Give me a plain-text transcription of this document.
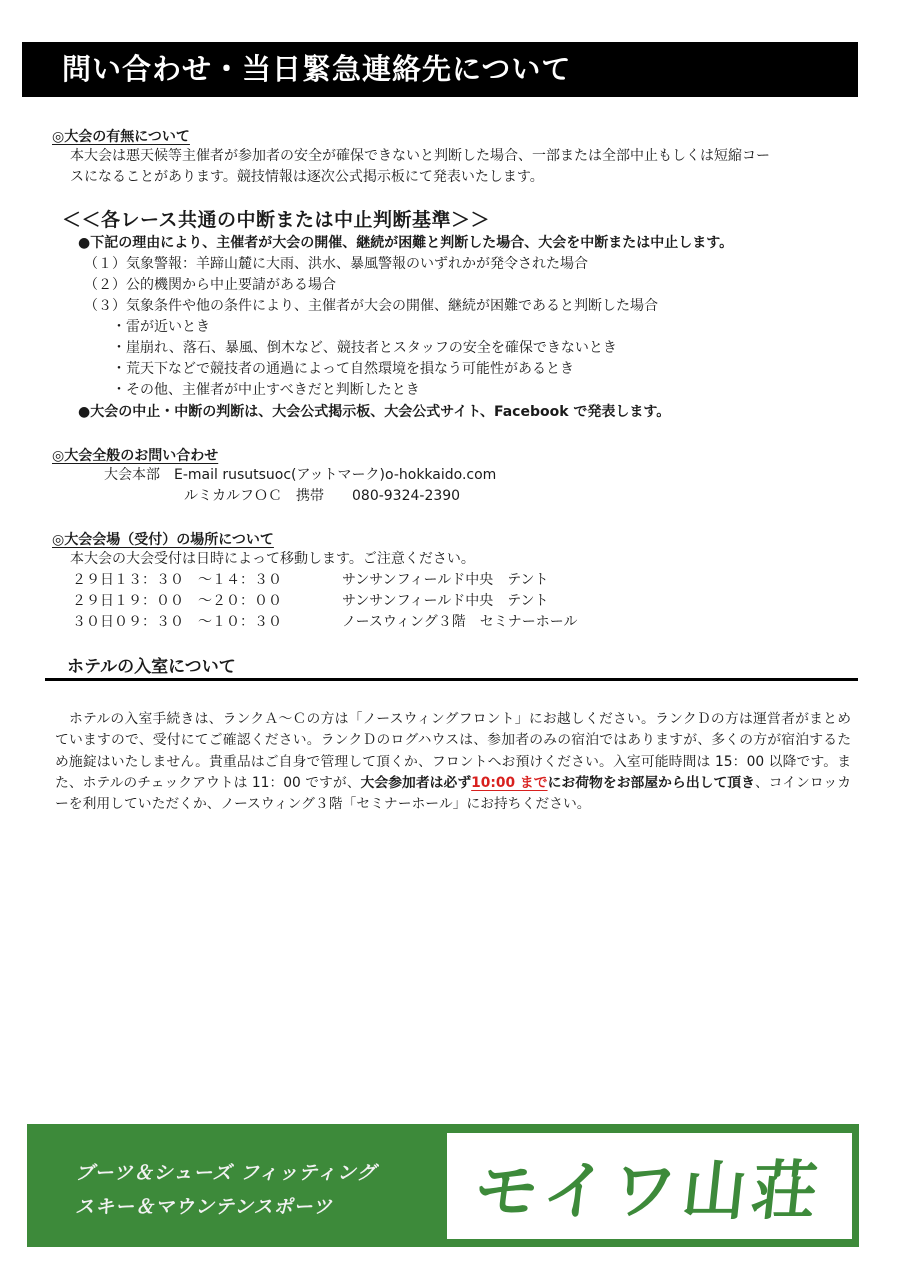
問い合わせ・当日緊急連絡先について
◎大会の有無について
本大会は悪天候等主催者が参加者の安全が確保できないと判断した場合、一部または全部中止もしくは短縮コー
スになることがあります。競技情報は逐次公式掲示板にて発表いたします。
＜＜各レース共通の中断または中止判断基準＞＞
●下記の理由により、主催者が大会の開催、継続が困難と判断した場合、大会を中断または中止します。
（１）気象警報：羊蹄山麓に大雨、洪水、暴風警報のいずれかが発令された場合
（２）公的機関から中止要請がある場合
（３）気象条件や他の条件により、主催者が大会の開催、継続が困難であると判断した場合
・雷が近いとき
・崖崩れ、落石、暴風、倒木など、競技者とスタッフの安全を確保できないとき
・荒天下などで競技者の通過によって自然環境を損なう可能性があるとき
・その他、主催者が中止すべきだと判断したとき
●大会の中止・中断の判断は、大会公式掲示板、大会公式サイト、Facebook で発表します。
◎大会全般のお問い合わせ
大会本部　E-mail rusutsuoc(アットマーク)o-hokkaido.com
ルミカルフＯＣ　携帯　　080-9324-2390
◎大会会場（受付）の場所について
本大会の大会受付は日時によって移動します。ご注意ください。
２９日１３：３０　～１４：３０	サンサンフィールド中央　テント
２９日１９：００　～２０：００	サンサンフィールド中央　テント
３０日０９：３０　～１０：３０	ノースウィング３階　セミナーホール
ホテルの入室について
ホテルの入室手続きは、ランクＡ～Ｃの方は「ノースウィングフロント」にお越しください。ランクＤの方は運営者がまとめていますので、受付にてご確認ください。ランクＤのログハウスは、参加者のみの宿泊ではありますが、多くの方が宿泊するため施錠はいたしません。貴重品はご自身で管理して頂くか、フロントへお預けください。入室可能時間は 15：00 以降です。また、ホテルのチェックアウトは 11：00 ですが、大会参加者は必ず10:00 までにお荷物をお部屋から出して頂き、コインロッカーを利用していただくか、ノースウィング３階「セミナーホール」にお持ちください。
ブーツ＆シューズ フィッティング
スキー＆マウンテンスポーツ モイワ山荘
